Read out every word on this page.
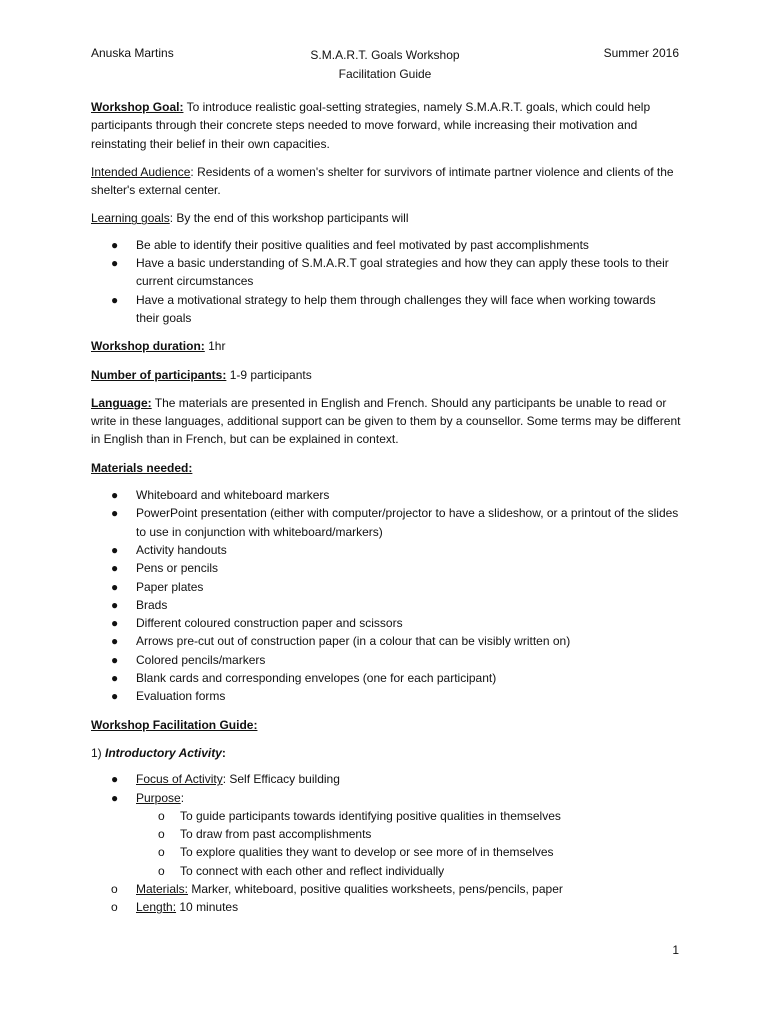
Anuska Martins	S.M.A.R.T. Goals Workshop
Facilitation Guide
Summer 2016

Workshop Goal: To introduce realistic goal-setting strategies, namely S.M.A.R.T. goals, which could help participants through their concrete steps needed to move forward, while increasing their motivation and reinstating their belief in their own capacities.

Intended Audience: Residents of a women's shelter for survivors of intimate partner violence and clients of the shelter's external center.

Learning goals: By the end of this workshop participants will

●	Be able to identify their positive qualities and feel motivated by past accomplishments
●	Have a basic understanding of S.M.A.R.T goal strategies and how they can apply these tools to their current circumstances
●	Have a motivational strategy to help them through challenges they will face when working towards their goals

Workshop duration: 1hr

Number of participants: 1-9 participants

Language: The materials are presented in English and French. Should any participants be unable to read or write in these languages, additional support can be given to them by a counsellor. Some terms may be different in English than in French, but can be explained in context.

Materials needed:

●	Whiteboard and whiteboard markers
●	PowerPoint presentation (either with computer/projector to have a slideshow, or a printout of the slides to use in conjunction with whiteboard/markers)
●	Activity handouts
●	Pens or pencils
●	Paper plates
●	Brads
●	Different coloured construction paper and scissors
●	Arrows pre-cut out of construction paper (in a colour that can be visibly written on)
●	Colored pencils/markers
●	Blank cards and corresponding envelopes (one for each participant)
●	Evaluation forms

Workshop Facilitation Guide:

1) Introductory Activity:

●	Focus of Activity: Self Efficacy building
●	Purpose:
o	To guide participants towards identifying positive qualities in themselves
o	To draw from past accomplishments
o	To explore qualities they want to develop or see more of in themselves
o	To connect with each other and reflect individually
o	Materials: Marker, whiteboard, positive qualities worksheets, pens/pencils, paper
o	Length: 10 minutes
1
